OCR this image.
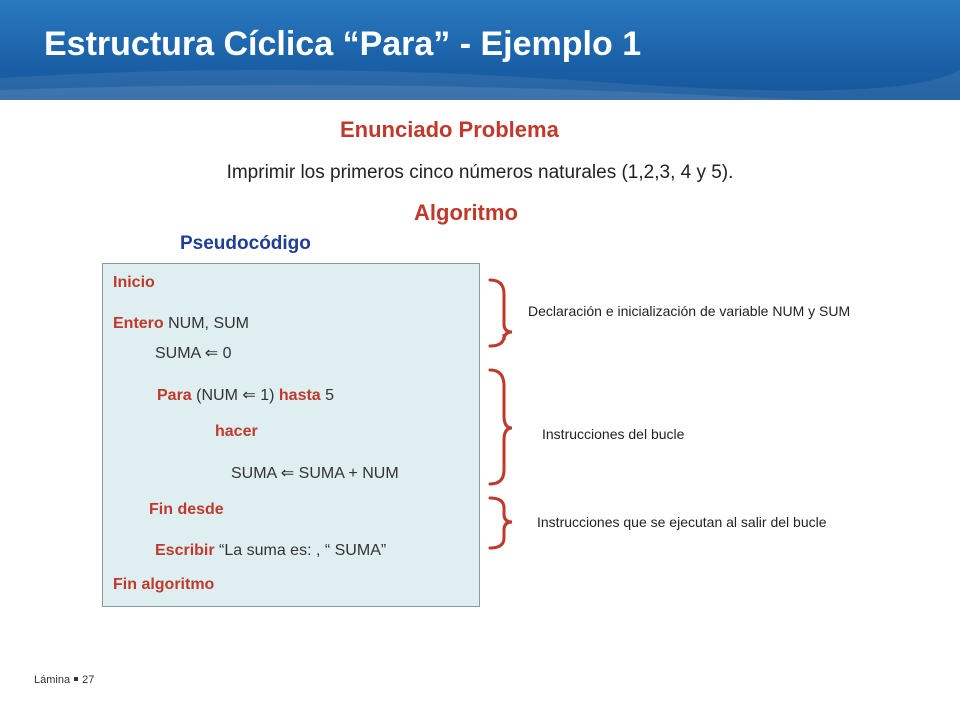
Estructura Cíclica “Para” - Ejemplo 1
Enunciado Problema
Imprimir los primeros cinco números naturales (1,2,3, 4 y 5).
Algoritmo
Pseudocódigo
Inicio
Entero NUM, SUM
SUMA ⇐ 0
Para (NUM ⇐ 1) hasta 5
hacer
SUMA ⇐ SUMA + NUM
Fin desde
Escribir “La suma es: , “ SUMA”
Fin algoritmo
Declaración e inicialización de variable NUM y SUM
Instrucciones del bucle
Instrucciones que se ejecutan al salir del bucle
Lámina 27
